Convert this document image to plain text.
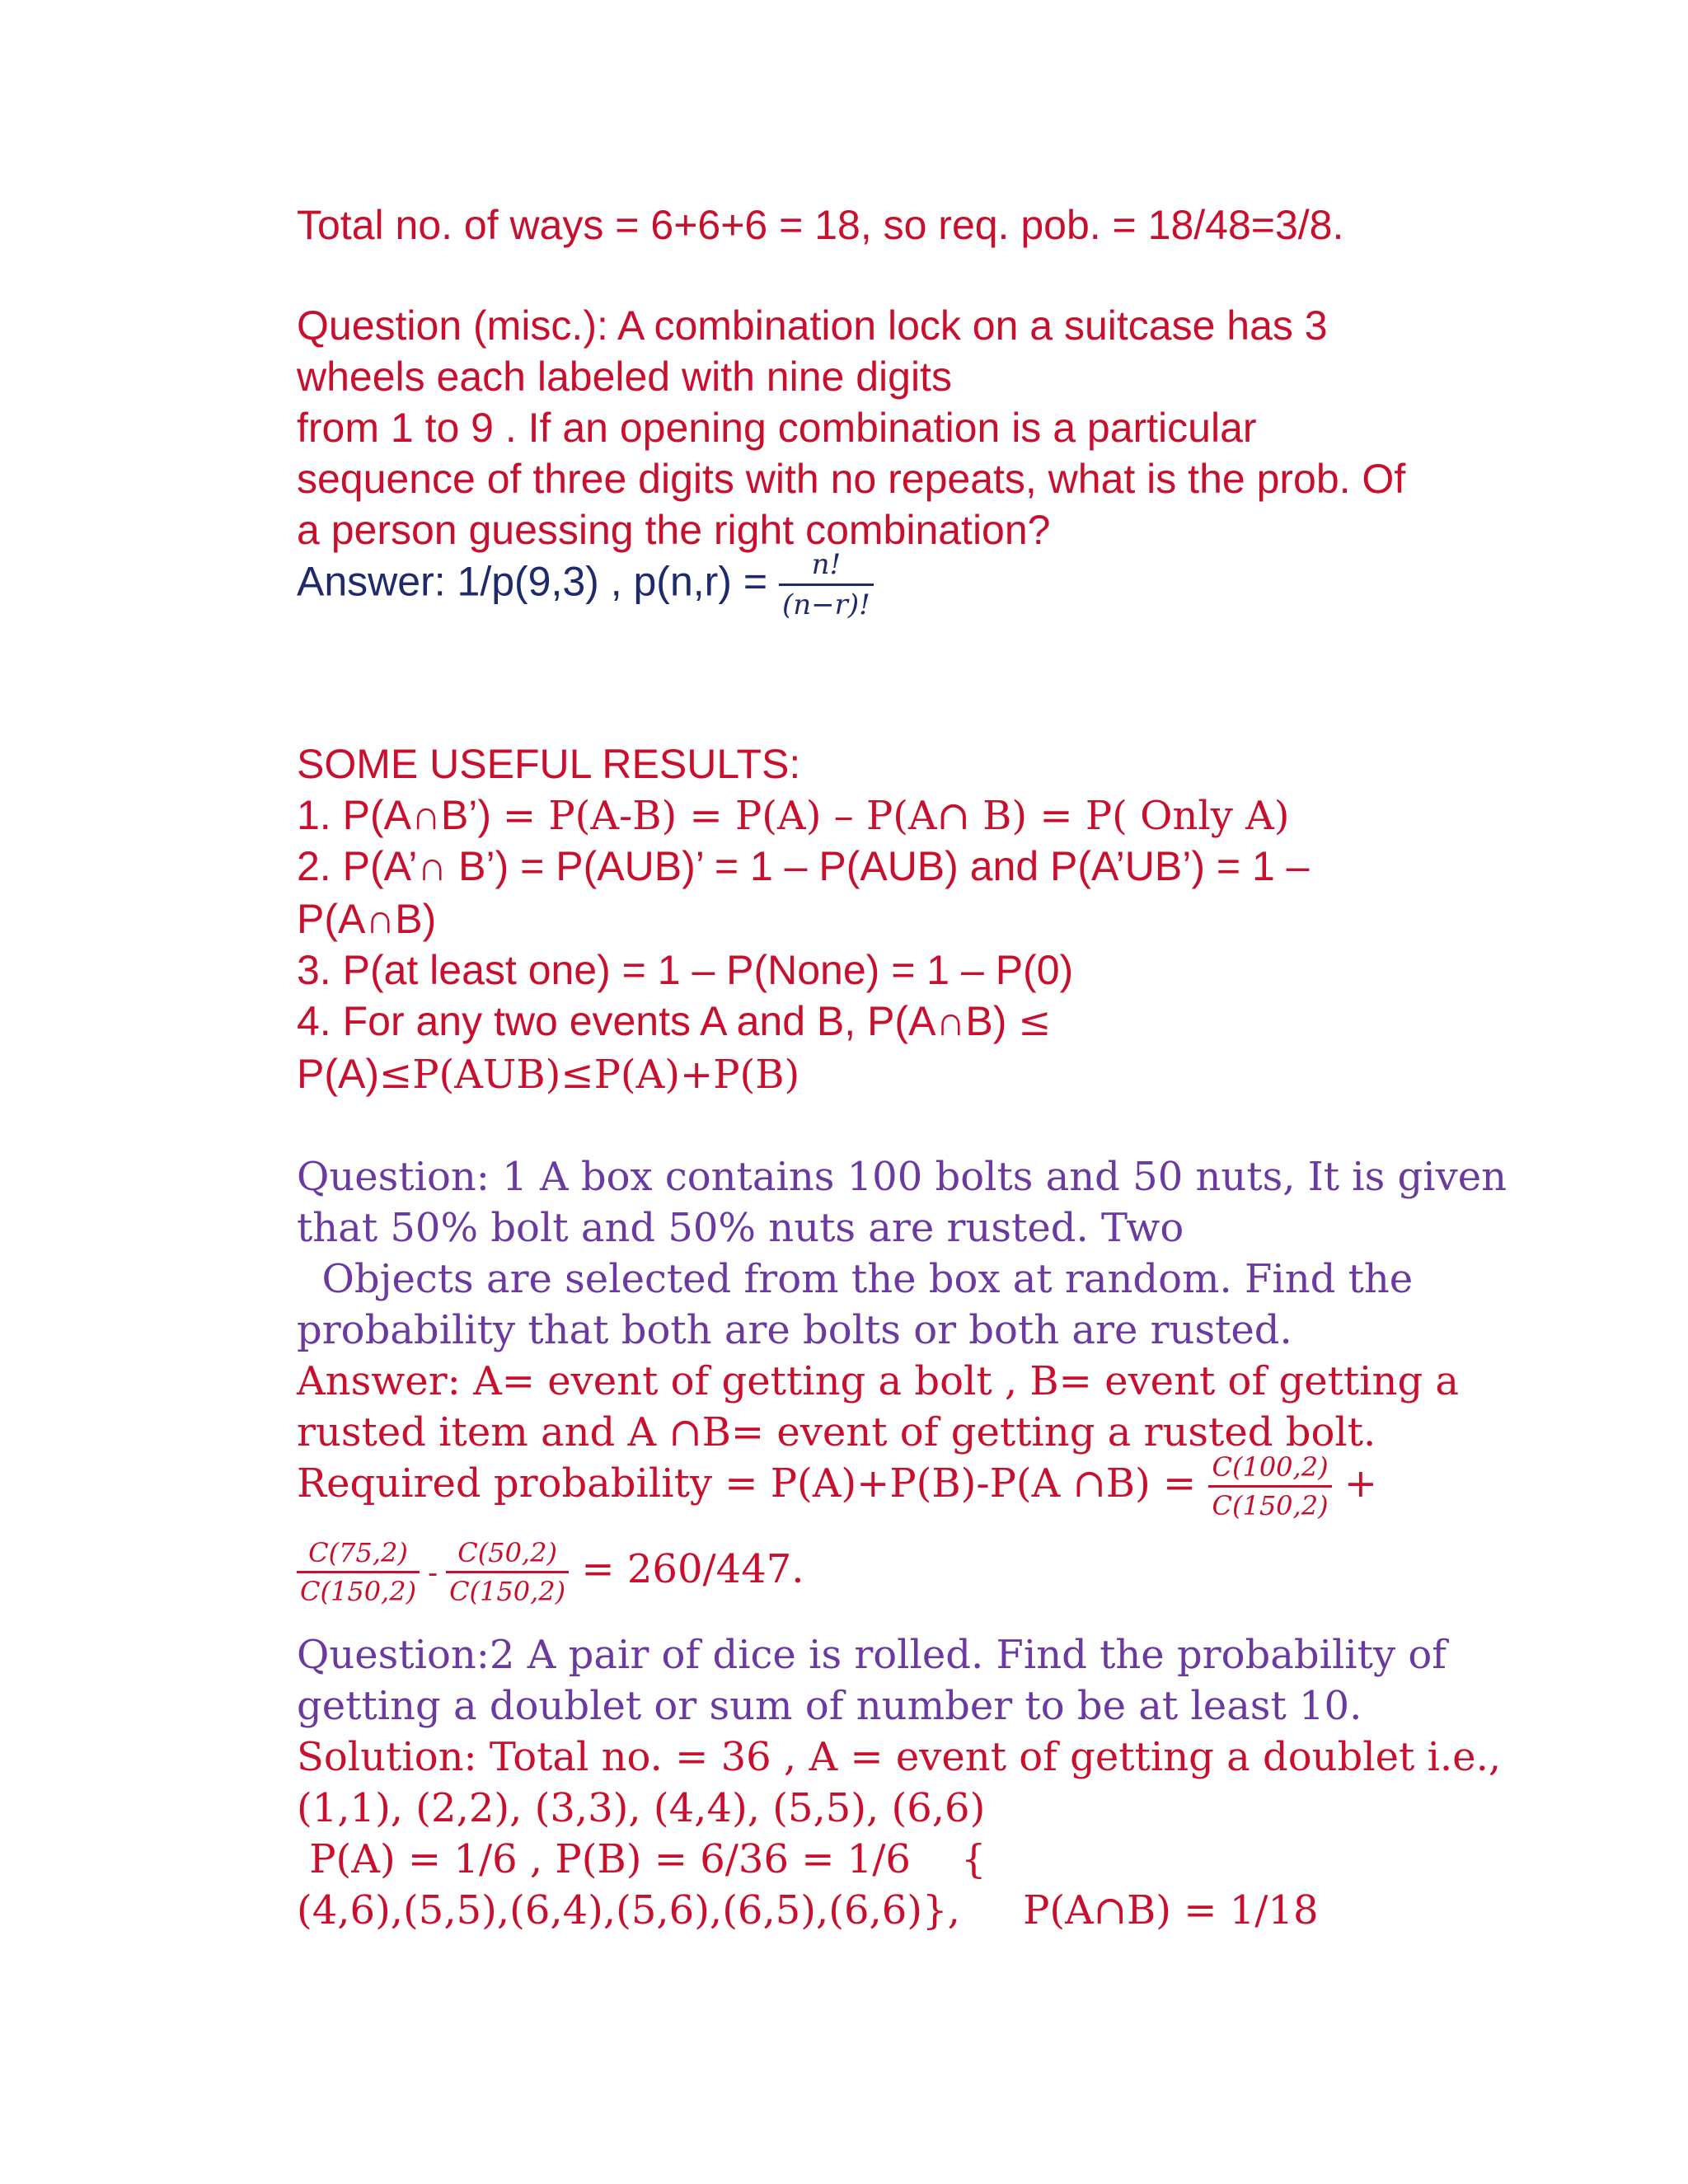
Total no. of ways = 6+6+6 = 18, so req. pob. = 18/48=3/8.

Question (misc.): A combination lock on a suitcase has 3

wheels each labeled with nine digits

from 1 to 9 . If an opening combination is a particular

sequence of three digits with no repeats, what is the prob. Of

a person guessing the right combination?

Answer: 1/p(9,3) , $p(n,r) = \frac{n!}{(n-r)!}$

SOME USEFUL RESULTS:

1. P(A∩B’) = P(A-B) = P(A) – P(A∩ B) = P( Only A)

2. P(A’∩ B’) = P(AUB)’ = 1 – P(AUB) and P(A’UB’) = 1 –

P(A∩B)

3. P(at least one) = 1 – P(None) = 1 – P(0)

4. For any two events A and B, P(A∩B) ≤

P(A)≤P(AUB)≤P(A)+P(B)

Question: 1 A box contains 100 bolts and 50 nuts, It is given

that 50% bolt and 50% nuts are rusted. Two

Objects are selected from the box at random. Find the

probability that both are bolts or both are rusted.

Answer: A= event of getting a bolt , B= event of getting a

rusted item and A ∩B= event of getting a rusted bolt.

Required probability = P(A)+P(B)-P(A ∩B) = $\frac{C(100,2)}{C(150,2)}$ +
$\frac{C(75,2)}{C(150,2)} - \frac{C(50,2)}{C(150,2)} = 260/447$.

Question:2 A pair of dice is rolled. Find the probability of

getting a doublet or sum of number to be at least 10.

Solution: Total no. = 36 , A = event of getting a doublet i.e.,

(1,1), (2,2), (3,3), (4,4), (5,5), (6,6)

P(A) = 1/6 , P(B) = 6/36 = 1/6    {

(4,6),(5,5),(6,4),(5,6),(6,5),(6,6)},     P(A∩B) = 1/18
